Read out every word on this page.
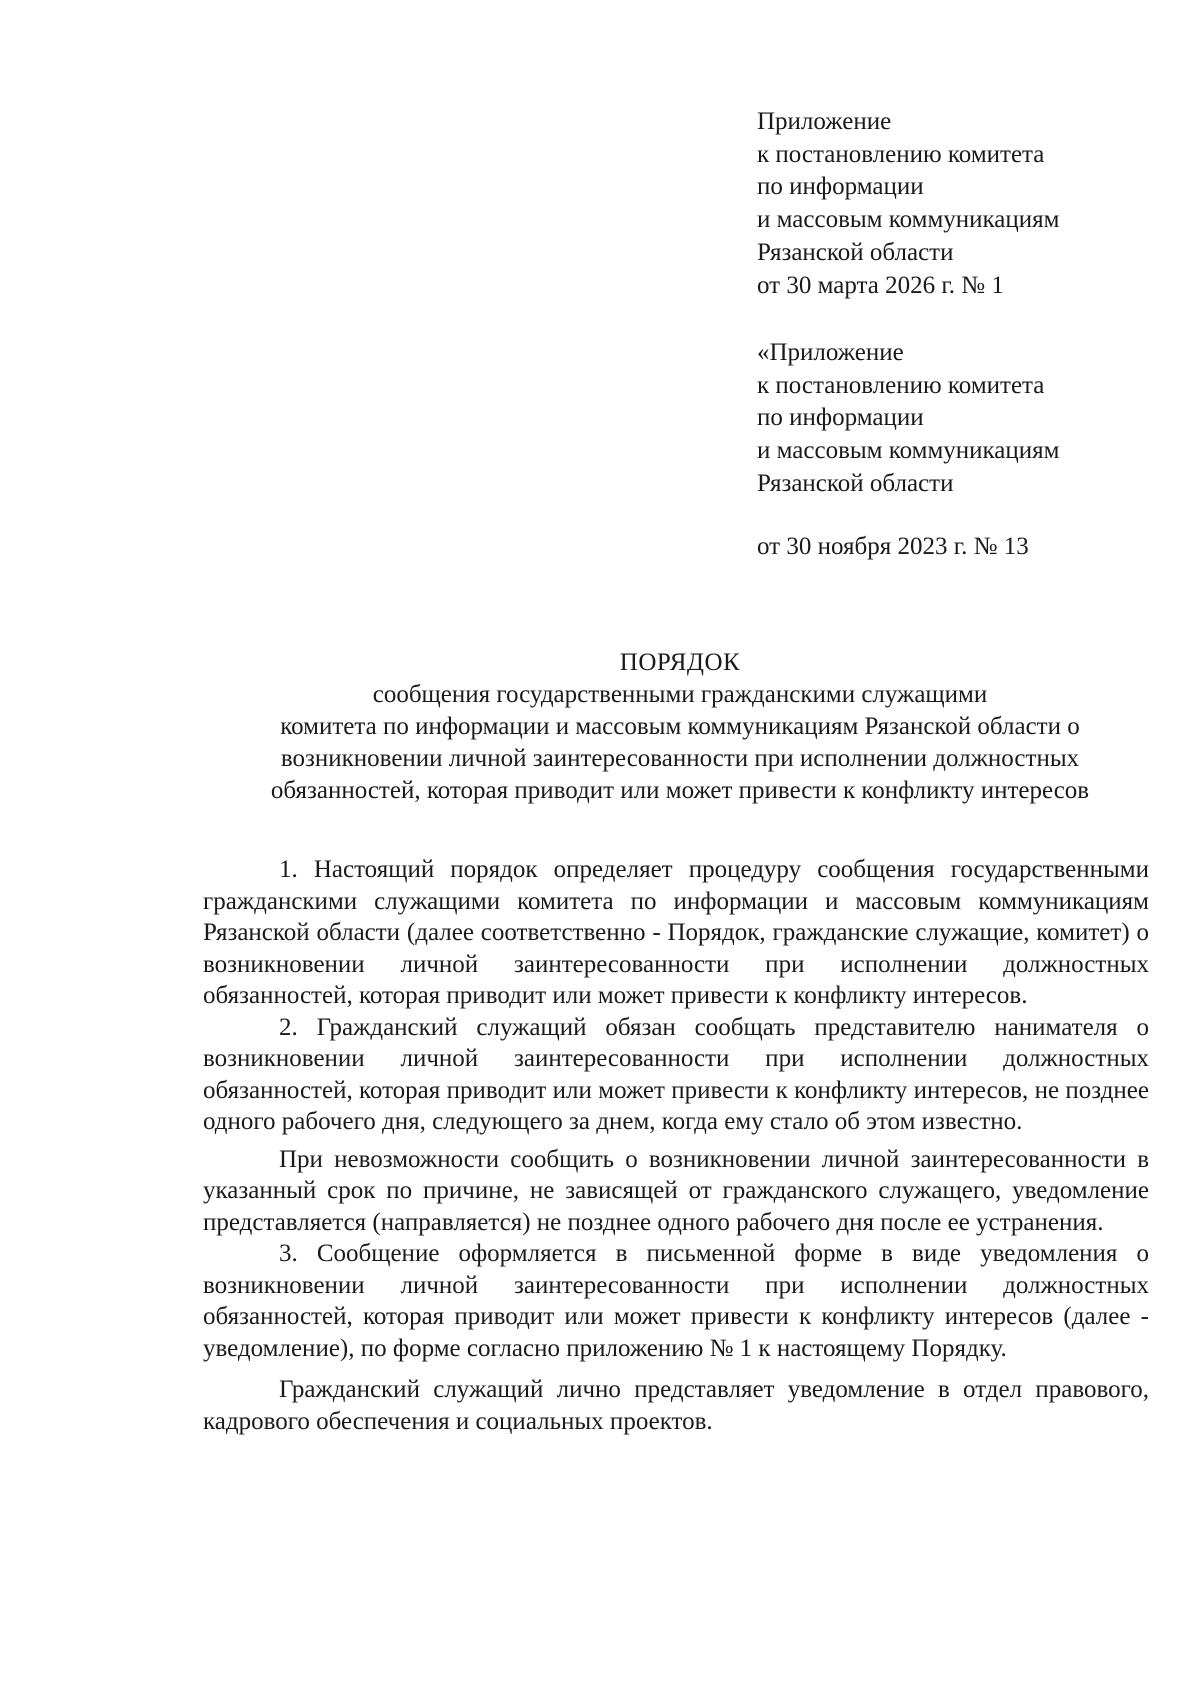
Приложение
к постановлению комитета
по информации
и массовым коммуникациям
Рязанской области
от 30 марта 2026 г. № 1
«Приложение
к постановлению комитета
по информации
и массовым коммуникациям
Рязанской области
от 30 ноября 2023 г. № 13
ПОРЯДОК
сообщения государственными гражданскими служащими
комитета по информации и массовым коммуникациям Рязанской области о
возникновении личной заинтересованности при исполнении должностных
обязанностей, которая приводит или может привести к конфликту интересов

1. Настоящий порядок определяет процедуру сообщения государственными гражданскими служащими комитета по информации и массовым коммуникациям Рязанской области (далее соответственно - Порядок, гражданские служащие, комитет) о возникновении личной заинтересованности при исполнении должностных обязанностей, которая приводит или может привести к конфликту интересов.

2. Гражданский служащий обязан сообщать представителю нанимателя о возникновении личной заинтересованности при исполнении должностных обязанностей, которая приводит или может привести к конфликту интересов, не позднее одного рабочего дня, следующего за днем, когда ему стало об этом известно.

При невозможности сообщить о возникновении личной заинтересованности в указанный срок по причине, не зависящей от гражданского служащего, уведомление представляется (направляется) не позднее одного рабочего дня после ее устранения.

3. Сообщение оформляется в письменной форме в виде уведомления о возникновении личной заинтересованности при исполнении должностных обязанностей, которая приводит или может привести к конфликту интересов (далее - уведомление), по форме согласно приложению № 1 к настоящему Порядку.

Гражданский служащий лично представляет уведомление в отдел правового, кадрового обеспечения и социальных проектов.
